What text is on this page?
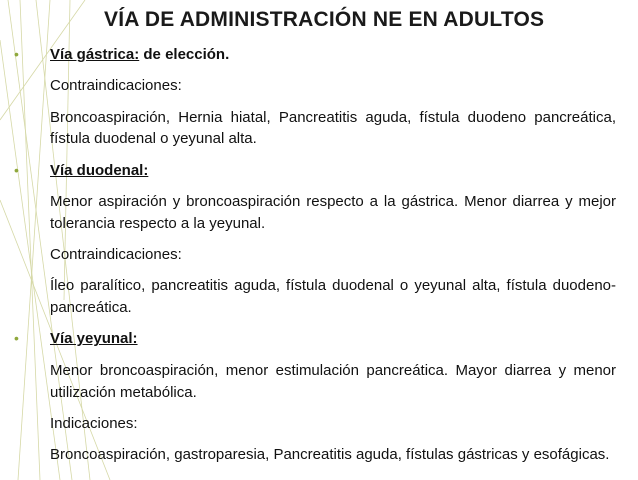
VÍA DE ADMINISTRACIÓN NE EN ADULTOS
• Vía gástrica: de elección.
Contraindicaciones:
Broncoaspiración, Hernia hiatal, Pancreatitis aguda, fístula duodeno pancreática, fístula duodenal o yeyunal alta.
• Vía duodenal:
Menor aspiración y broncoaspiración respecto a la gástrica. Menor diarrea y mejor tolerancia respecto a la yeyunal.
Contraindicaciones:
Íleo paralítico, pancreatitis aguda, fístula duodenal o yeyunal alta, fístula duodeno-pancreática.
• Vía yeyunal:
Menor broncoaspiración, menor estimulación pancreática. Mayor diarrea y menor utilización metabólica.
Indicaciones:
Broncoaspiración, gastroparesia, Pancreatitis aguda, fístulas gástricas y esofágicas.
